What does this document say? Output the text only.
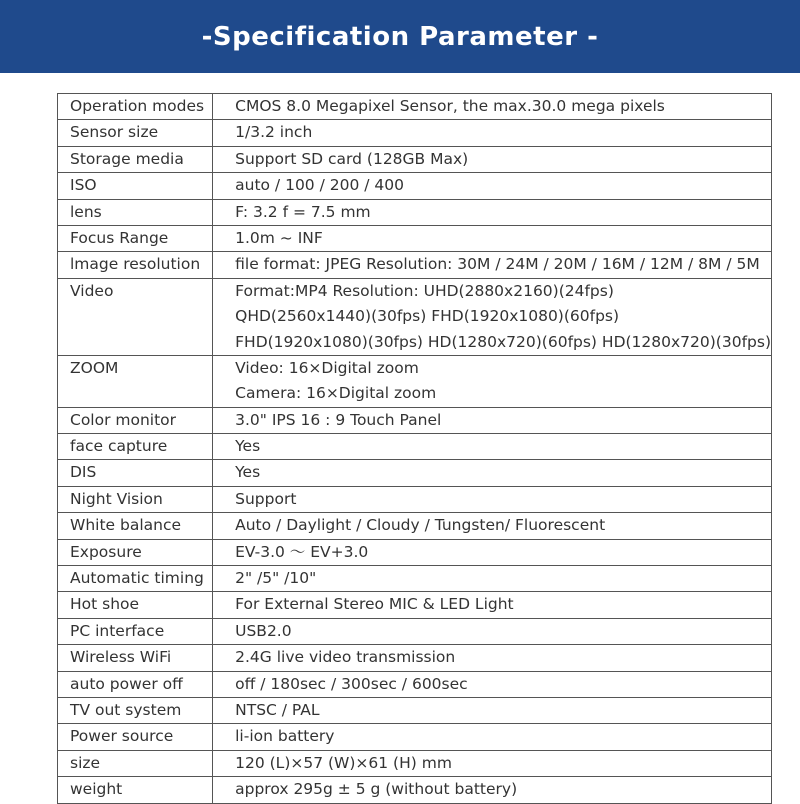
-Specification Parameter -
Operation modes	CMOS 8.0 Megapixel Sensor, the max.30.0 mega pixels

Sensor size	1/3.2 inch

Storage media	Support SD card (128GB Max)

ISO	auto / 100 / 200 / 400

lens	F: 3.2 f = 7.5 mm

Focus Range	1.0m ~ INF

lmage resolution	file format: JPEG Resolution: 30M / 24M / 20M / 16M / 12M / 8M / 5M

Video	Format:MP4 Resolution: UHD(2880x2160)(24fps)
QHD(2560x1440)(30fps) FHD(1920x1080)(60fps)
FHD(1920x1080)(30fps) HD(1280x720)(60fps) HD(1280x720)(30fps)

ZOOM	Video: 16×Digital zoom
Camera: 16×Digital zoom

Color monitor	3.0" IPS 16 : 9 Touch Panel

face capture	Yes

DIS	Yes

Night Vision	Support

White balance	Auto / Daylight / Cloudy / Tungsten/ Fluorescent

Exposure	EV-3.0 ～ EV+3.0

Automatic timing	2" /5" /10"

Hot shoe	For External Stereo MIC & LED Light

PC interface	USB2.0

Wireless WiFi	2.4G live video transmission

auto power off	off / 180sec / 300sec / 600sec

TV out system	NTSC / PAL

Power source	li-ion battery

size	120 (L)×57 (W)×61 (H) mm

weight	approx 295g ± 5 g (without battery)
